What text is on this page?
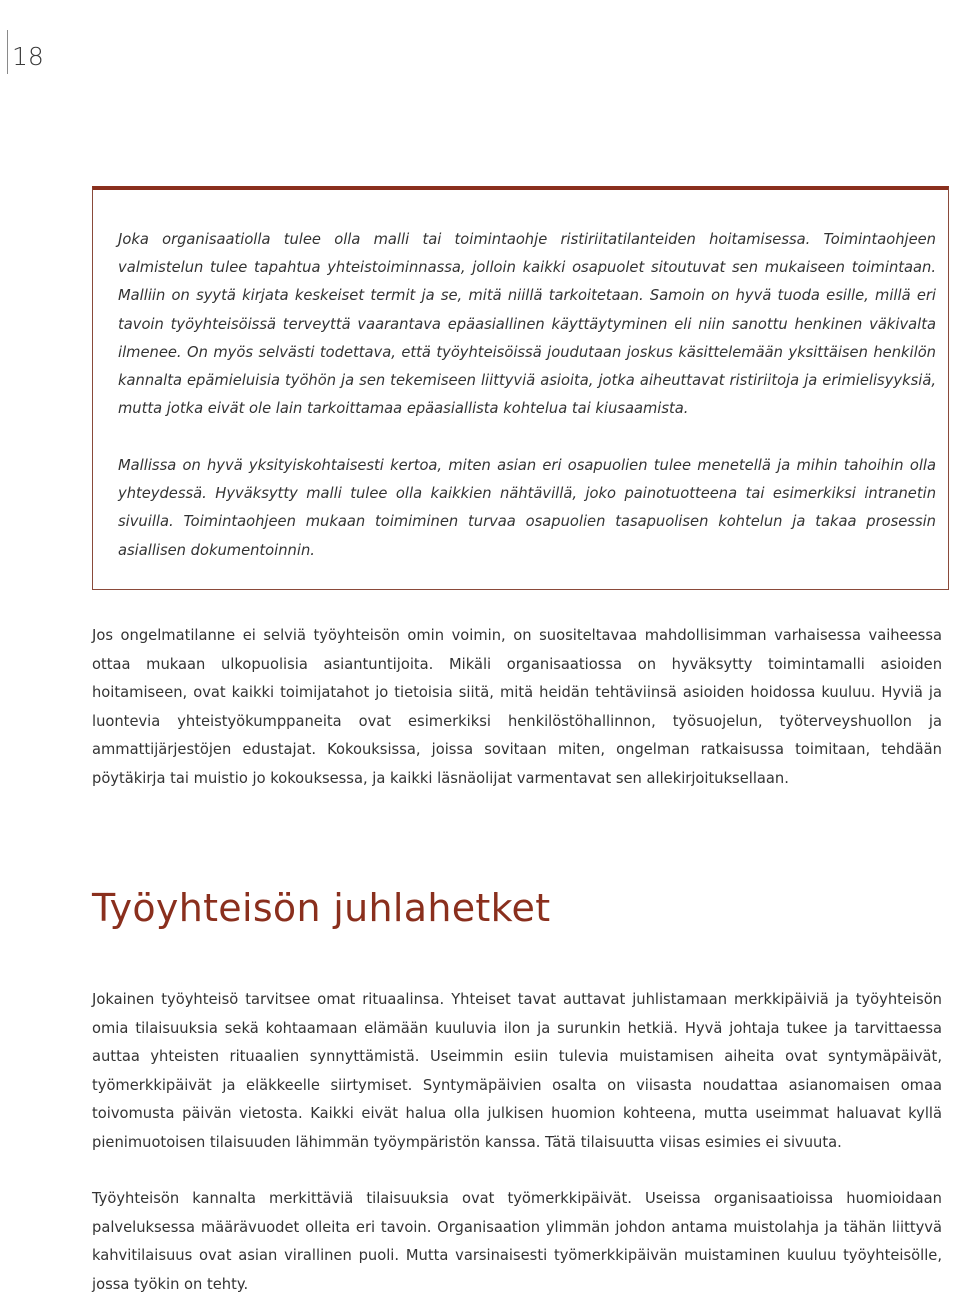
18

Joka organisaatiolla tulee olla malli tai toimintaohje ristiriitatilanteiden hoitamisessa. Toimintaohjeen valmistelun tulee tapahtua yhteistoiminnassa, jolloin kaikki osapuolet sitoutuvat sen mukaiseen toimintaan. Malliin on syytä kirjata keskeiset termit ja se, mitä niillä tarkoitetaan. Samoin on hyvä tuoda esille, millä eri tavoin työyhteisöissä terveyttä vaarantava epäasiallinen käyttäytyminen eli niin sanottu henkinen väkivalta ilmenee. On myös selvästi todettava, että työyhteisöissä joudutaan joskus käsittelemään yksittäisen henkilön kannalta epämieluisia työhön ja sen tekemiseen liittyviä asioita, jotka aiheuttavat ristiriitoja ja erimielisyyksiä, mutta jotka eivät ole lain tarkoittamaa epäasiallista kohtelua tai kiusaamista.

Mallissa on hyvä yksityiskohtaisesti kertoa, miten asian eri osapuolien tulee menetellä ja mihin tahoihin olla yhteydessä. Hyväksytty malli tulee olla kaikkien nähtävillä, joko painotuotteena tai esimerkiksi intranetin sivuilla. Toimintaohjeen mukaan toimiminen turvaa osapuolien tasapuolisen kohtelun ja takaa prosessin asiallisen dokumentoinnin.

Jos ongelmatilanne ei selviä työyhteisön omin voimin, on suositeltavaa mahdollisimman varhaisessa vaiheessa ottaa mukaan ulkopuolisia asiantuntijoita. Mikäli organisaatiossa on hyväksytty toimintamalli asioiden hoitamiseen, ovat kaikki toimijatahot jo tietoisia siitä, mitä heidän tehtäviinsä asioiden hoidossa kuuluu. Hyviä ja luontevia yhteistyökumppaneita ovat esimerkiksi henkilöstöhallinnon, työsuojelun, työterveyshuollon ja ammattijärjestöjen edustajat. Kokouksissa, joissa sovitaan miten, ongelman ratkaisussa toimitaan, tehdään pöytäkirja tai muistio jo kokouksessa, ja kaikki läsnäolijat varmentavat sen allekirjoituksellaan.

Työyhteisön juhlahetket

Jokainen työyhteisö tarvitsee omat rituaalinsa. Yhteiset tavat auttavat juhlistamaan merkkipäiviä ja työyhteisön omia tilaisuuksia sekä kohtaamaan elämään kuuluvia ilon ja surunkin hetkiä. Hyvä johtaja tukee ja tarvittaessa auttaa yhteisten rituaalien synnyttämistä. Useimmin esiin tulevia muistamisen aiheita ovat syntymäpäivät, työmerkkipäivät ja eläkkeelle siirtymiset. Syntymäpäivien osalta on viisasta noudattaa asianomaisen omaa toivomusta päivän vietosta. Kaikki eivät halua olla julkisen huomion kohteena, mutta useimmat haluavat kyllä pienimuotoisen tilaisuuden lähimmän työympäristön kanssa. Tätä tilaisuutta viisas esimies ei sivuuta.

Työyhteisön kannalta merkittäviä tilaisuuksia ovat työmerkkipäivät. Useissa organisaatioissa huomioidaan palveluksessa määrävuodet olleita eri tavoin. Organisaation ylimmän johdon antama muistolahja ja tähän liittyvä kahvitilaisuus ovat asian virallinen puoli. Mutta varsinaisesti työmerkkipäivän muistaminen kuuluu työyhteisölle, jossa työkin on tehty.
